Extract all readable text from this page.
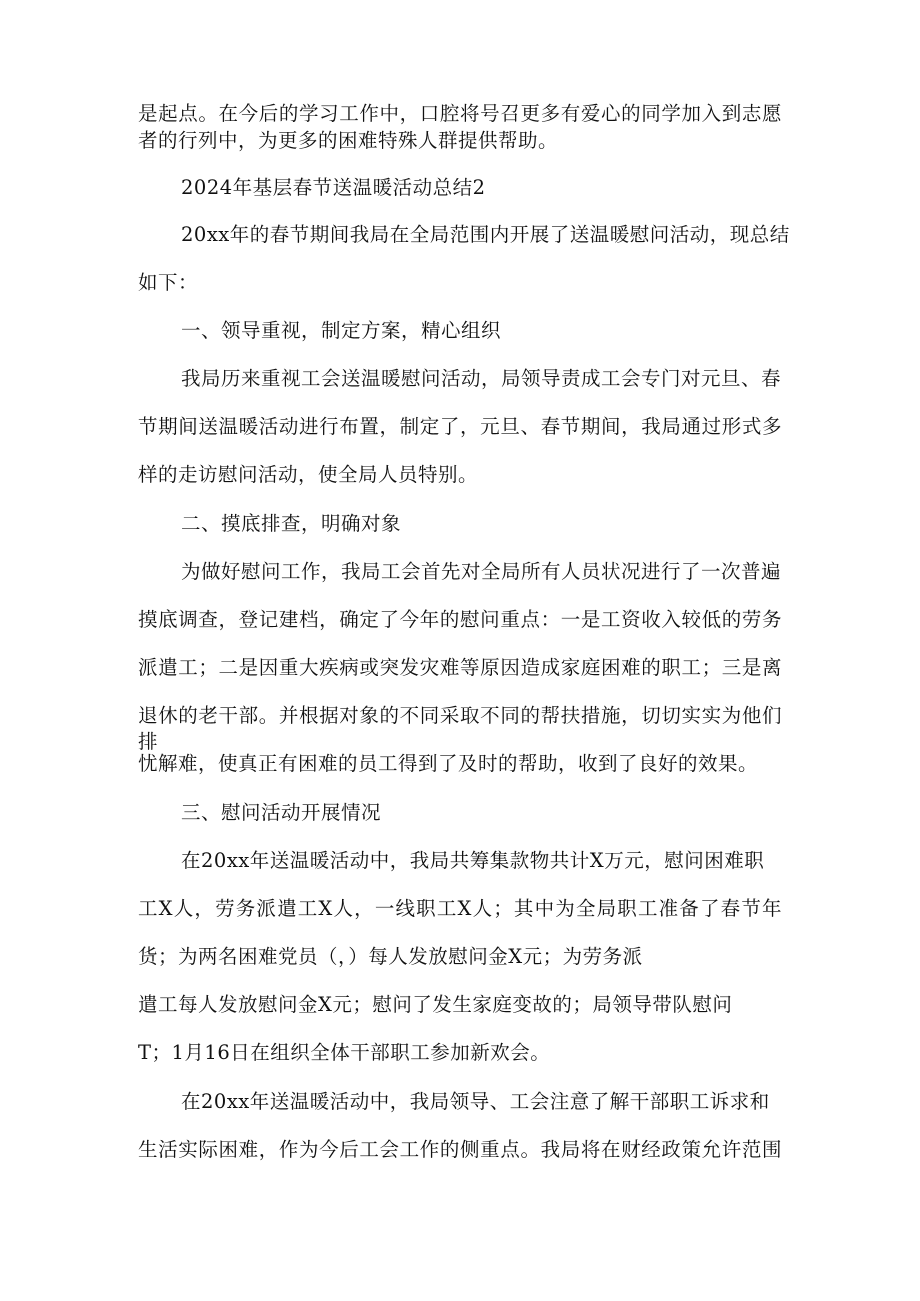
是起点。在今后的学习工作中，口腔将号召更多有爱心的同学加入到志愿
者的行列中，为更多的困难特殊人群提供帮助。
2024年基层春节送温暖活动总结2
20xx年的春节期间我局在全局范围内开展了送温暖慰问活动，现总结
如下：
一、领导重视，制定方案，精心组织
我局历来重视工会送温暖慰问活动，局领导责成工会专门对元旦、春
节期间送温暖活动进行布置，制定了，元旦、春节期间，我局通过形式多
样的走访慰问活动，使全局人员特别。
二、摸底排查，明确对象
为做好慰问工作，我局工会首先对全局所有人员状况进行了一次普遍
摸底调查，登记建档，确定了今年的慰问重点：一是工资收入较低的劳务
派遣工；二是因重大疾病或突发灾难等原因造成家庭困难的职工；三是离
退休的老干部。并根据对象的不同采取不同的帮扶措施，切切实实为他们排
忧解难，使真正有困难的员工得到了及时的帮助，收到了良好的效果。
三、慰问活动开展情况
在20xx年送温暖活动中，我局共筹集款物共计X万元，慰问困难职
工X人，劳务派遣工X人，一线职工X人；其中为全局职工准备了春节年
货；为两名困难党员（，）每人发放慰问金X元；为劳务派
遣工每人发放慰问金X元；慰问了发生家庭变故的；局领导带队慰问
T；1月16日在组织全体干部职工参加新欢会。
在20xx年送温暖活动中，我局领导、工会注意了解干部职工诉求和
生活实际困难，作为今后工会工作的侧重点。我局将在财经政策允许范围
